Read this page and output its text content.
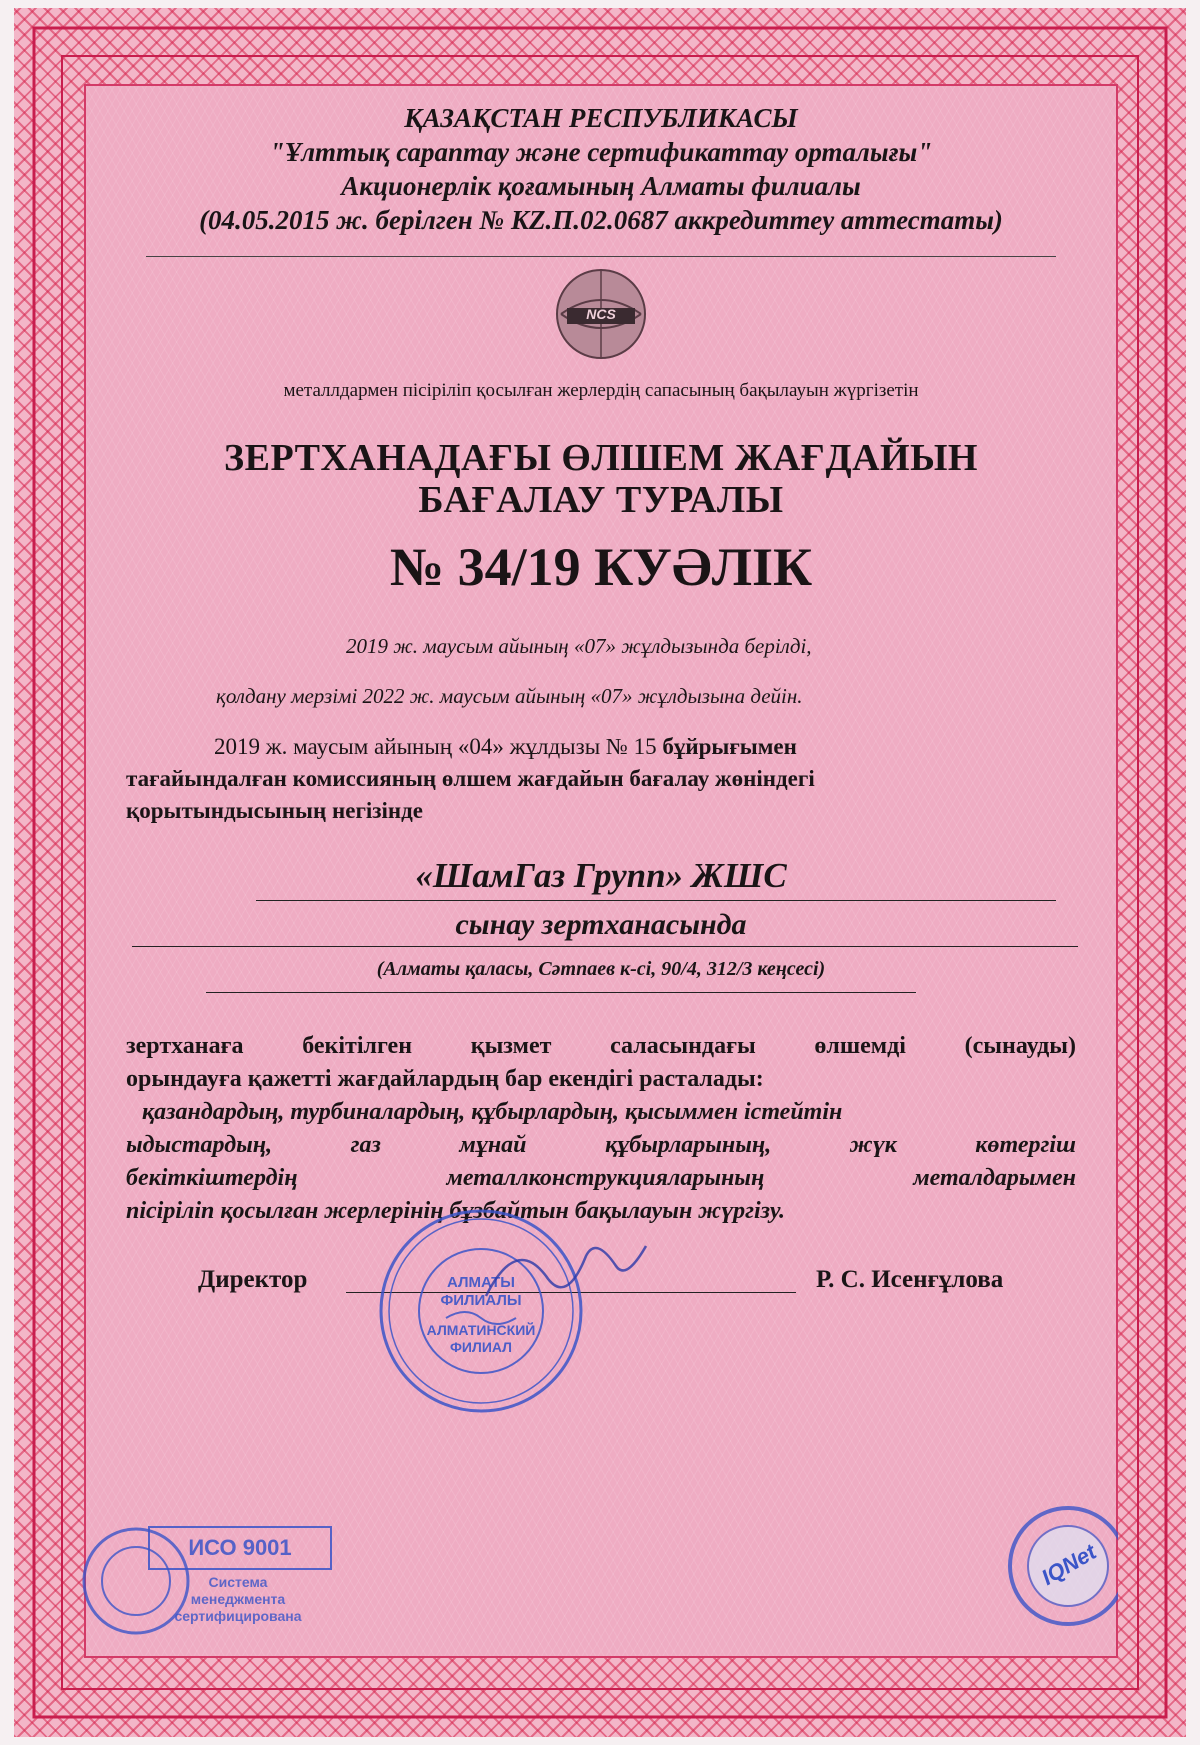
ҚАЗАҚСТАН РЕСПУБЛИКАСЫ
"Ұлттық сараптау және сертификаттау орталығы"
Акционерлік қоғамының Алматы филиалы
(04.05.2015 ж. берілген № KZ.П.02.0687 аккредиттеу аттестаты)
NCS
металлдармен пісіріліп қосылған жерлердің сапасының бақылауын жүргізетін
ЗЕРТХАНАДАҒЫ ӨЛШЕМ ЖАҒДАЙЫН
БАҒАЛАУ ТУРАЛЫ
№ 34/19 КУӘЛІК
2019 ж. маусым айының «07» жұлдызында берілді,
қолдану мерзімі 2022 ж. маусым айының «07» жұлдызына дейін.
2019 ж. маусым айының «04» жұлдызы № 15 бұйрығымен
тағайындалған комиссияның өлшем жағдайын бағалау жөніндегі
қорытындысының негізінде
«ШамГаз Групп» ЖШС
сынау зертханасында
(Алматы қаласы, Сәтпаев к-сі, 90/4, 312/3 кеңсесі)
зертханаға бекітілген қызмет саласындағы өлшемді (сынауды)
орындауға қажетті жағдайлардың бар екендігі расталады:
қазандардың, турбиналардың, құбырлардың, қысыммен істейтін
ыдыстардың,	газ	мұнай	құбырларының,	жүк	көтергіш
бекіткіштердің	металлконструкцияларының	металдарымен
пісіріліп қосылған жерлерінің бұзбайтын бақылауын жүргізу.
Директор	Р. С. Исенғұлова
АЛМАТЫ ФИЛИАЛЫ
АЛМАТИНСКИЙ ФИЛИАЛ
ИСО 9001
Система
менеджмента
сертифицирована
IQNet
